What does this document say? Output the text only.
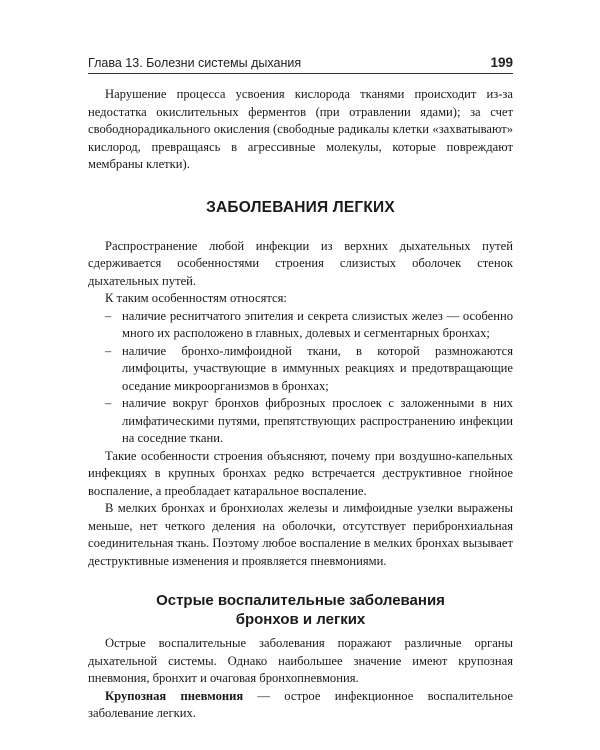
Глава 13. Болезни системы дыхания	199

Нарушение процесса усвоения кислорода тканями происходит из-за недостатка окислительных ферментов (при отравлении ядами); за счет свободнорадикального окисления (свободные радикалы клетки «захватывают» кислород, превращаясь в агрессивные молекулы, которые повреждают мембраны клетки).

ЗАБОЛЕВАНИЯ ЛЕГКИХ

Распространение любой инфекции из верхних дыхательных путей сдерживается особенностями строения слизистых оболочек стенок дыхательных путей.

К таким особенностям относятся:

– наличие реснитчатого эпителия и секрета слизистых желез — особенно много их расположено в главных, долевых и сегментарных бронхах;
– наличие бронхо-лимфоидной ткани, в которой размножаются лимфоциты, участвующие в иммунных реакциях и предотвращающие оседание микроорганизмов в бронхах;
– наличие вокруг бронхов фиброзных прослоек с заложенными в них лимфатическими путями, препятствующих распространению инфекции на соседние ткани.

Такие особенности строения объясняют, почему при воздушно-капельных инфекциях в крупных бронхах редко встречается деструктивное гнойное воспаление, а преобладает катаральное воспаление.

В мелких бронхах и бронхиолах железы и лимфоидные узелки выражены меньше, нет четкого деления на оболочки, отсутствует перибронхиальная соединительная ткань. Поэтому любое воспаление в мелких бронхах вызывает деструктивные изменения и проявляется пневмониями.

Острые воспалительные заболевания
бронхов и легких

Острые воспалительные заболевания поражают различные органы дыхательной системы. Однако наибольшее значение имеют крупозная пневмония, бронхит и очаговая бронхопневмония.

Крупозная пневмония — острое инфекционное воспалительное заболевание легких.
